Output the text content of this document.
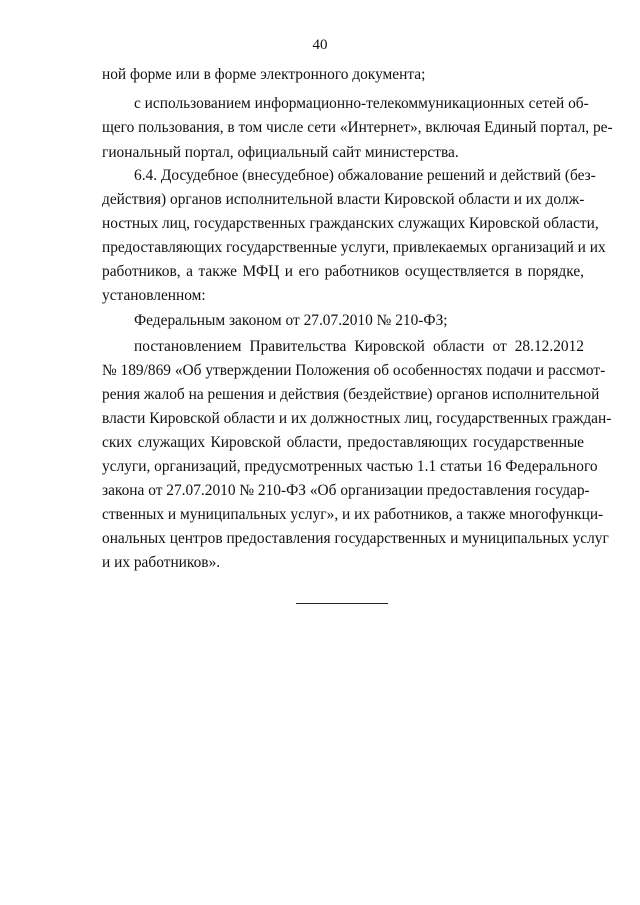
40
ной форме или в форме электронного документа;
с использованием информационно-телекоммуникационных сетей об-
щего пользования, в том числе сети «Интернет», включая Единый портал, ре-
гиональный портал, официальный сайт министерства.
6.4. Досудебное (внесудебное) обжалование решений и действий (без-
действия) органов исполнительной власти Кировской области и их долж-
ностных лиц, государственных гражданских служащих Кировской области,
предоставляющих государственные услуги, привлекаемых организаций и их
работников, а также МФЦ и его работников осуществляется в порядке,
установленном:
Федеральным законом от 27.07.2010 № 210-ФЗ;
постановлением Правительства Кировской области от 28.12.2012
№ 189/869 «Об утверждении Положения об особенностях подачи и рассмот-
рения жалоб на решения и действия (бездействие) органов исполнительной
власти Кировской области и их должностных лиц, государственных граждан-
ских служащих Кировской области, предоставляющих государственные
услуги, организаций, предусмотренных частью 1.1 статьи 16 Федерального
закона от 27.07.2010 № 210-ФЗ «Об организации предоставления государ-
ственных и муниципальных услуг», и их работников, а также многофункци-
ональных центров предоставления государственных и муниципальных услуг
и их работников».
